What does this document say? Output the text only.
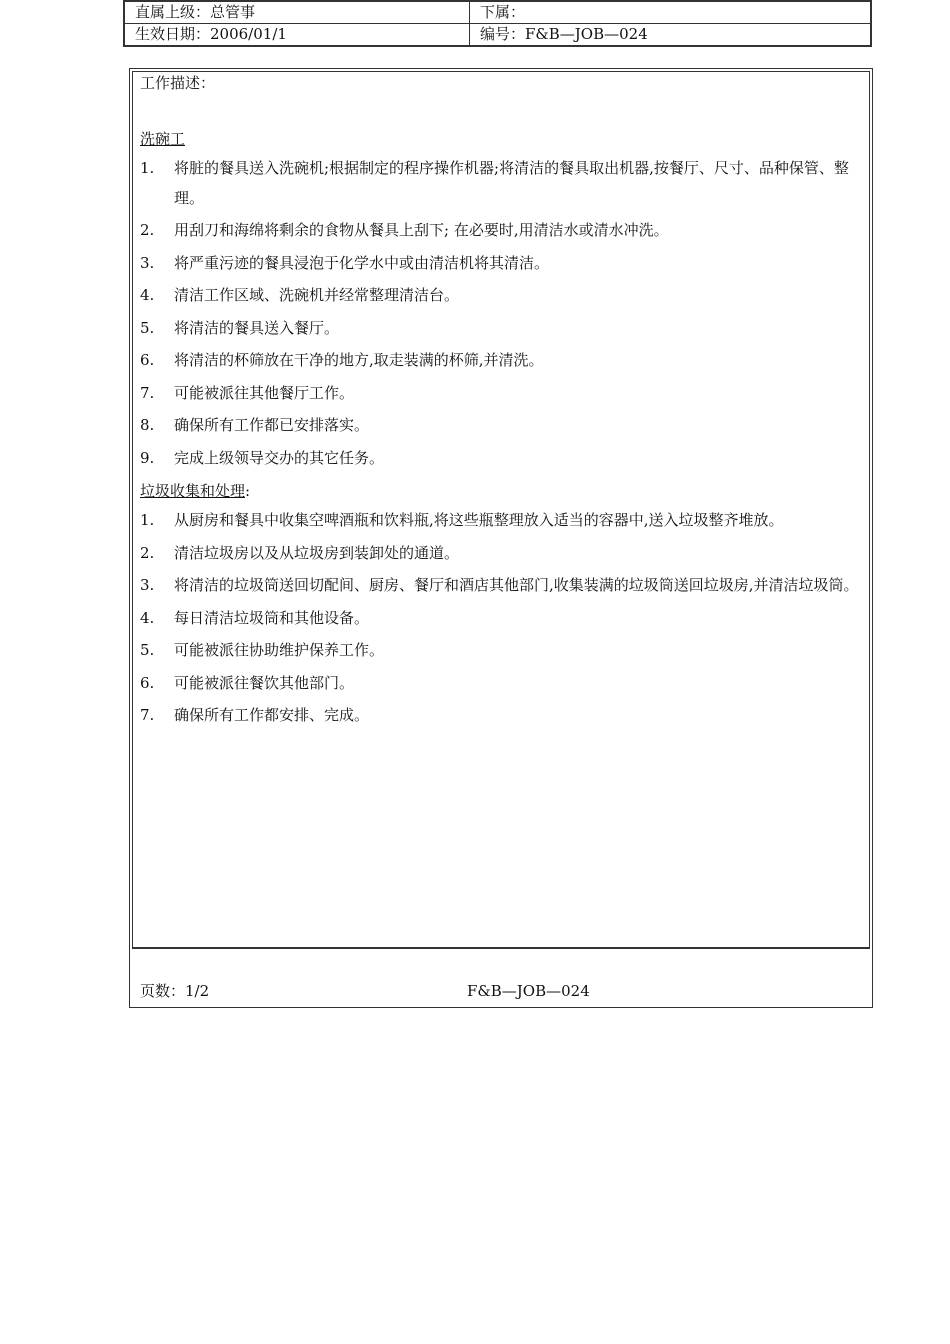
直属上级：总管事	下属：
生效日期：2006/01/1	编号：F&B—JOB—024
工作描述：
洗碗工
1. 将脏的餐具送入洗碗机;根据制定的程序操作机器;将清洁的餐具取出机器,按餐厅、尺寸、品种保管、整理。
2. 用刮刀和海绵将剩余的食物从餐具上刮下; 在必要时,用清洁水或清水冲洗。
3. 将严重污迹的餐具浸泡于化学水中或由清洁机将其清洁。
4. 清洁工作区域、洗碗机并经常整理清洁台。
5. 将清洁的餐具送入餐厅。
6. 将清洁的杯筛放在干净的地方,取走装满的杯筛,并清洗。
7. 可能被派往其他餐厅工作。
8. 确保所有工作都已安排落实。
9. 完成上级领导交办的其它任务。
垃圾收集和处理:
1. 从厨房和餐具中收集空啤酒瓶和饮料瓶,将这些瓶整理放入适当的容器中,送入垃圾整齐堆放。
2. 清洁垃圾房以及从垃圾房到装卸处的通道。
3. 将清洁的垃圾筒送回切配间、厨房、餐厅和酒店其他部门,收集装满的垃圾筒送回垃圾房,并清洁垃圾筒。
4. 每日清洁垃圾筒和其他设备。
5. 可能被派往协助维护保养工作。
6. 可能被派往餐饮其他部门。
7. 确保所有工作都安排、完成。
页数：1/2	F&B—JOB—024
